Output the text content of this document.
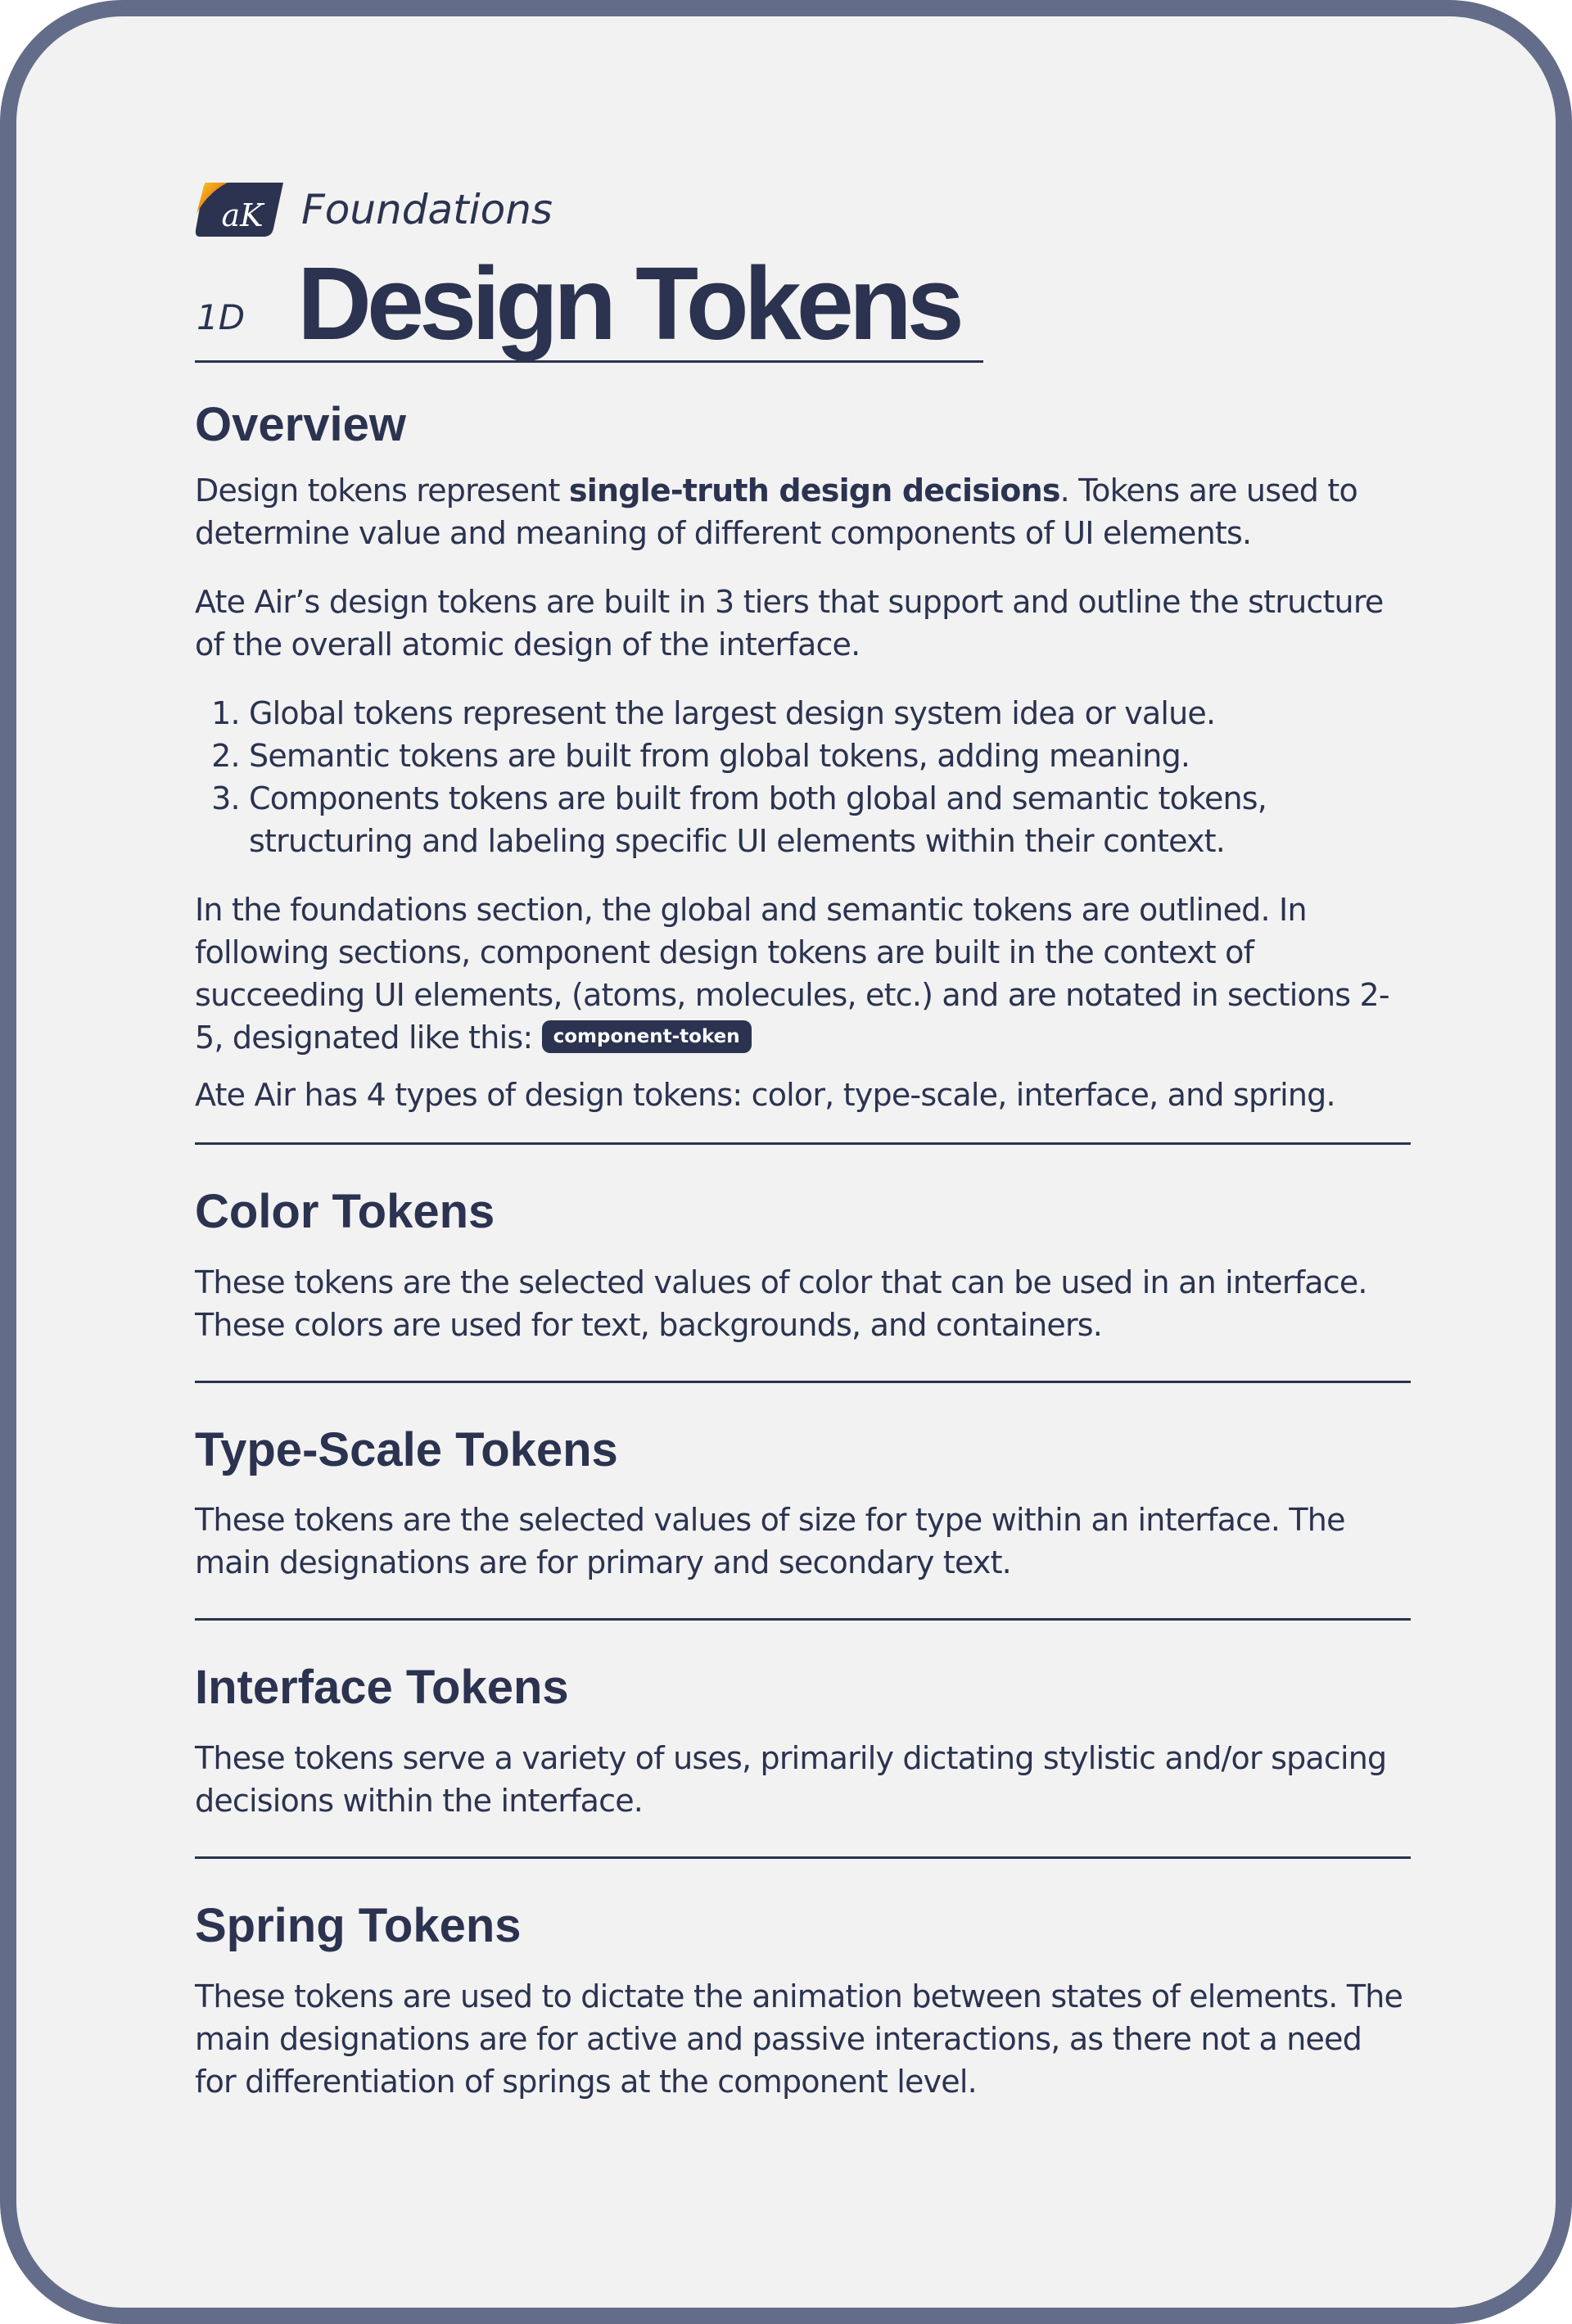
aK Foundations
1D Design Tokens
Overview

Design tokens represent single-truth design decisions. Tokens are used to determine value and meaning of different components of UI elements.

Ate Air’s design tokens are built in 3 tiers that support and outline the structure of the overall atomic design of the interface.

1. Global tokens represent the largest design system idea or value.
2. Semantic tokens are built from global tokens, adding meaning.
3. Components tokens are built from both global and semantic tokens, structuring and labeling specific UI elements within their context.

In the foundations section, the global and semantic tokens are outlined. In following sections, component design tokens are built in the context of succeeding UI elements, (atoms, molecules, etc.) and are notated in sections 2-5, designated like this: component-token

Ate Air has 4 types of design tokens: color, type-scale, interface, and spring.

Color Tokens

These tokens are the selected values of color that can be used in an interface. These colors are used for text, backgrounds, and containers.

Type-Scale Tokens

These tokens are the selected values of size for type within an interface. The main designations are for primary and secondary text.

Interface Tokens

These tokens serve a variety of uses, primarily dictating stylistic and/or spacing decisions within the interface.

Spring Tokens

These tokens are used to dictate the animation between states of elements. The main designations are for active and passive interactions, as there not a need for differentiation of springs at the component level.
